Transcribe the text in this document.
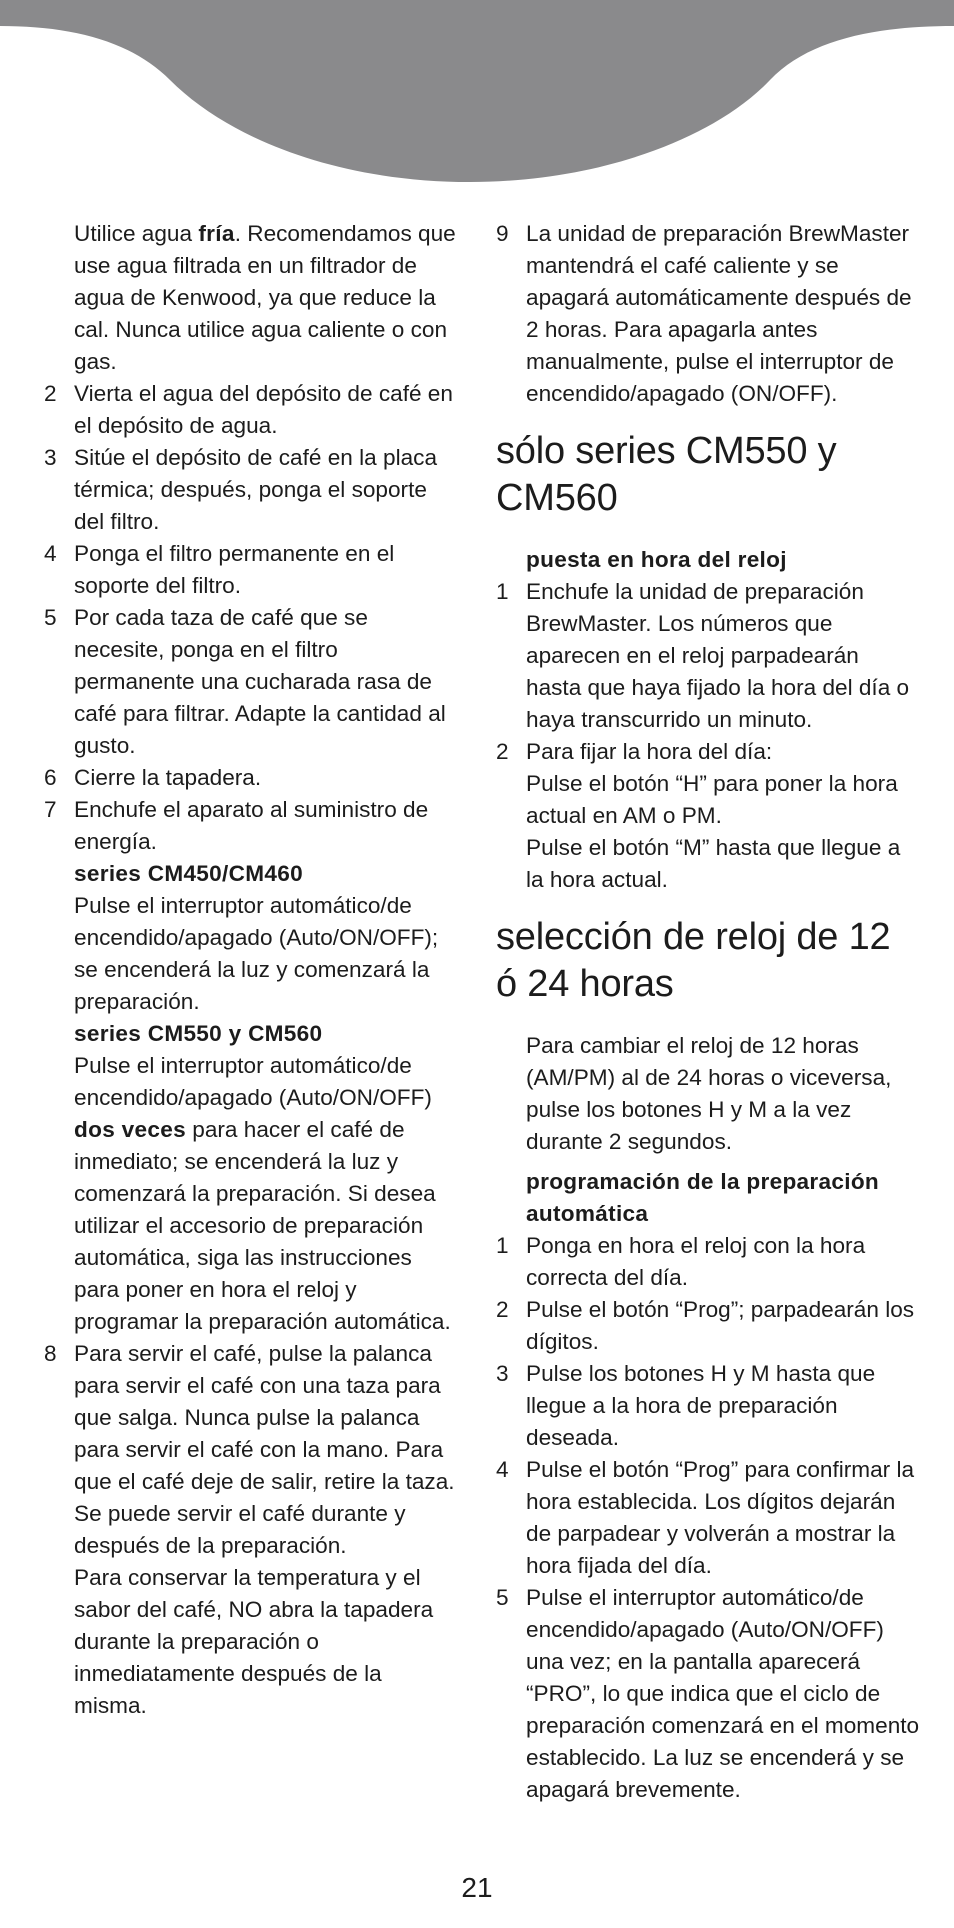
Utilice agua fría. Recomendamos que use agua filtrada en un filtrador de agua de Kenwood, ya que reduce la cal. Nunca utilice agua caliente o con gas.
2 Vierta el agua del depósito de café en el depósito de agua.
3 Sitúe el depósito de café en la placa térmica; después, ponga el soporte del filtro.
4 Ponga el filtro permanente en el soporte del filtro.
5 Por cada taza de café que se necesite, ponga en el filtro permanente una cucharada rasa de café para filtrar. Adapte la cantidad al gusto.
6 Cierre la tapadera.
7 Enchufe el aparato al suministro de energía.
series CM450/CM460
Pulse el interruptor automático/de encendido/apagado (Auto/ON/OFF); se encenderá la luz y comenzará la preparación.
series CM550 y CM560
Pulse el interruptor automático/de encendido/apagado (Auto/ON/OFF) dos veces para hacer el café de inmediato; se encenderá la luz y comenzará la preparación. Si desea utilizar el accesorio de preparación automática, siga las instrucciones para poner en hora el reloj y programar la preparación automática.
8 Para servir el café, pulse la palanca para servir el café con una taza para que salga. Nunca pulse la palanca para servir el café con la mano. Para que el café deje de salir, retire la taza. Se puede servir el café durante y después de la preparación.
Para conservar la temperatura y el sabor del café, NO abra la tapadera durante la preparación o inmediatamente después de la misma.
9 La unidad de preparación BrewMaster mantendrá el café caliente y se apagará automáticamente después de 2 horas. Para apagarla antes manualmente, pulse el interruptor de encendido/apagado (ON/OFF).
sólo series CM550 y CM560
puesta en hora del reloj
1 Enchufe la unidad de preparación BrewMaster. Los números que aparecen en el reloj parpadearán hasta que haya fijado la hora del día o haya transcurrido un minuto.
2 Para fijar la hora del día:
Pulse el botón “H” para poner la hora actual en AM o PM.
Pulse el botón “M” hasta que llegue a la hora actual.
selección de reloj de 12 ó 24 horas
Para cambiar el reloj de 12 horas (AM/PM) al de 24 horas o viceversa, pulse los botones H y M a la vez durante 2 segundos.
programación de la preparación automática
1 Ponga en hora el reloj con la hora correcta del día.
2 Pulse el botón “Prog”; parpadearán los dígitos.
3 Pulse los botones H y M hasta que llegue a la hora de preparación deseada.
4 Pulse el botón “Prog” para confirmar la hora establecida. Los dígitos dejarán de parpadear y volverán a mostrar la hora fijada del día.
5 Pulse el interruptor automático/de encendido/apagado (Auto/ON/OFF) una vez; en la pantalla aparecerá “PRO”, lo que indica que el ciclo de preparación comenzará en el momento establecido. La luz se encenderá y se apagará brevemente.
21
